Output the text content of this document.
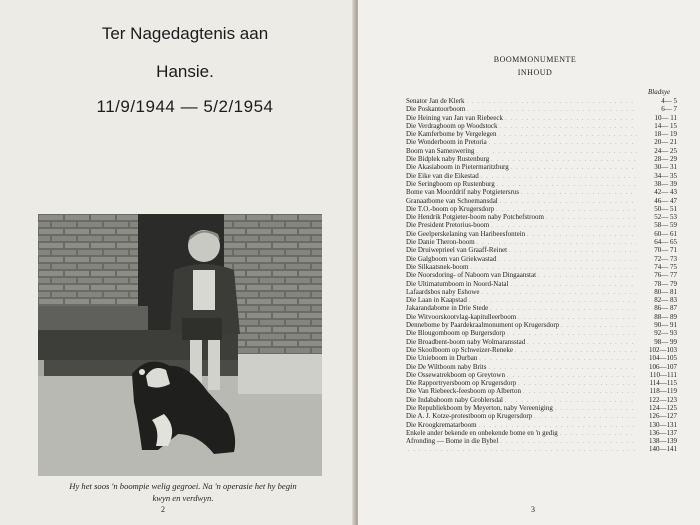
Ter Nagedagtenis aan
Hansie.
11/9/1944 — 5/2/1954
Hy het soos 'n boompie welig gegroei. Na 'n operasie het hy begin
kwyn en verdwyn.
2
BOOMMONUMENTE
INHOUD
Bladsye
Senator Jan de Klerk . . .	4— 5
Die Poskantoorboom . . .	6— 7
Die Heining van Jan van Riebeeck . . .	10— 11
Die Verdragboom op Woodstock . . .	14— 15
Die Kamferbome by Vergelegen . . .	18— 19
Die Wonderboom in Pretoria . . .	20— 21
Boom van Sameswering . . .	24— 25
Die Bidplek naby Rustenburg . . .	28— 29
Die Akasiaboom in Pietermaritzburg . . .	30— 31
Die Eike van die Eikestad . . .	34— 35
Die Seringboom op Rustenburg . . .	38— 39
Bome van Moorddrif naby Potgietersrus . . .	42— 43
Granaatbome van Schoemansdal . . .	46— 47
Die T.O.-boom op Krugersdorp . . .	50— 51
Die Hendrik Potgieter-boom naby Potchefstroom . . .	52— 53
Die President Pretorius-boom . . .	58— 59
Die Geelperskelaning van Haribeesfontein . . .	60— 61
Die Danie Theron-boom . . .	64— 65
Die Druiweprieel van Graaff-Reinet . . .	70— 71
Die Galgboom van Griekwastad . . .	72— 73
Die Silkaatsnek-boom . . .	74— 75
Die Noorsdoring- of Naboom van Dingaanstat . . .	76— 77
Die Ultimatumboom in Noord-Natal . . .	78— 79
Lafaardsbos naby Eshowe . . .	80— 81
Die Laan in Kaapstad . . .	82— 83
Jakarandabome in Drie Stede . . .	86— 87
Die Witvoorskootvlag-kapitulleerboom . . .	88— 89
Dennebome by Paardekraalmonument op Krugersdorp . . .	90— 91
Die Blougomboom op Burgersdorp . . .	92— 93
Die Broadbent-boom naby Wolmaransstad . . .	98— 99
Die Skoolboom op Schweizer-Reneke . . .	102—103
Die Unieboom in Durban . . .	104—105
Die De Wiltboom naby Brits . . .	106—107
Die Ossewatrekboom op Greytown . . .	110—111
Die Rapportryersboom op Krugersdorp . . .	114—115
Die Van Riebeeck-feesboom op Alberton . . .	118—119
Die Indababoom naby Groblersdal . . .	122—123
Die Republiekboom by Meyerton, naby Vereeniging . . .	124—125
Die A. J. Kotze-protestboom op Krugersdorp . . .	126—127
Die Kroogkrematarboom . . .	130—131
Enkele ander bekende en onbekende bome en 'n gedig . . .	136—137
Afronding — Bome in die Bybel . . .	138—139
. . .
140—141
3
